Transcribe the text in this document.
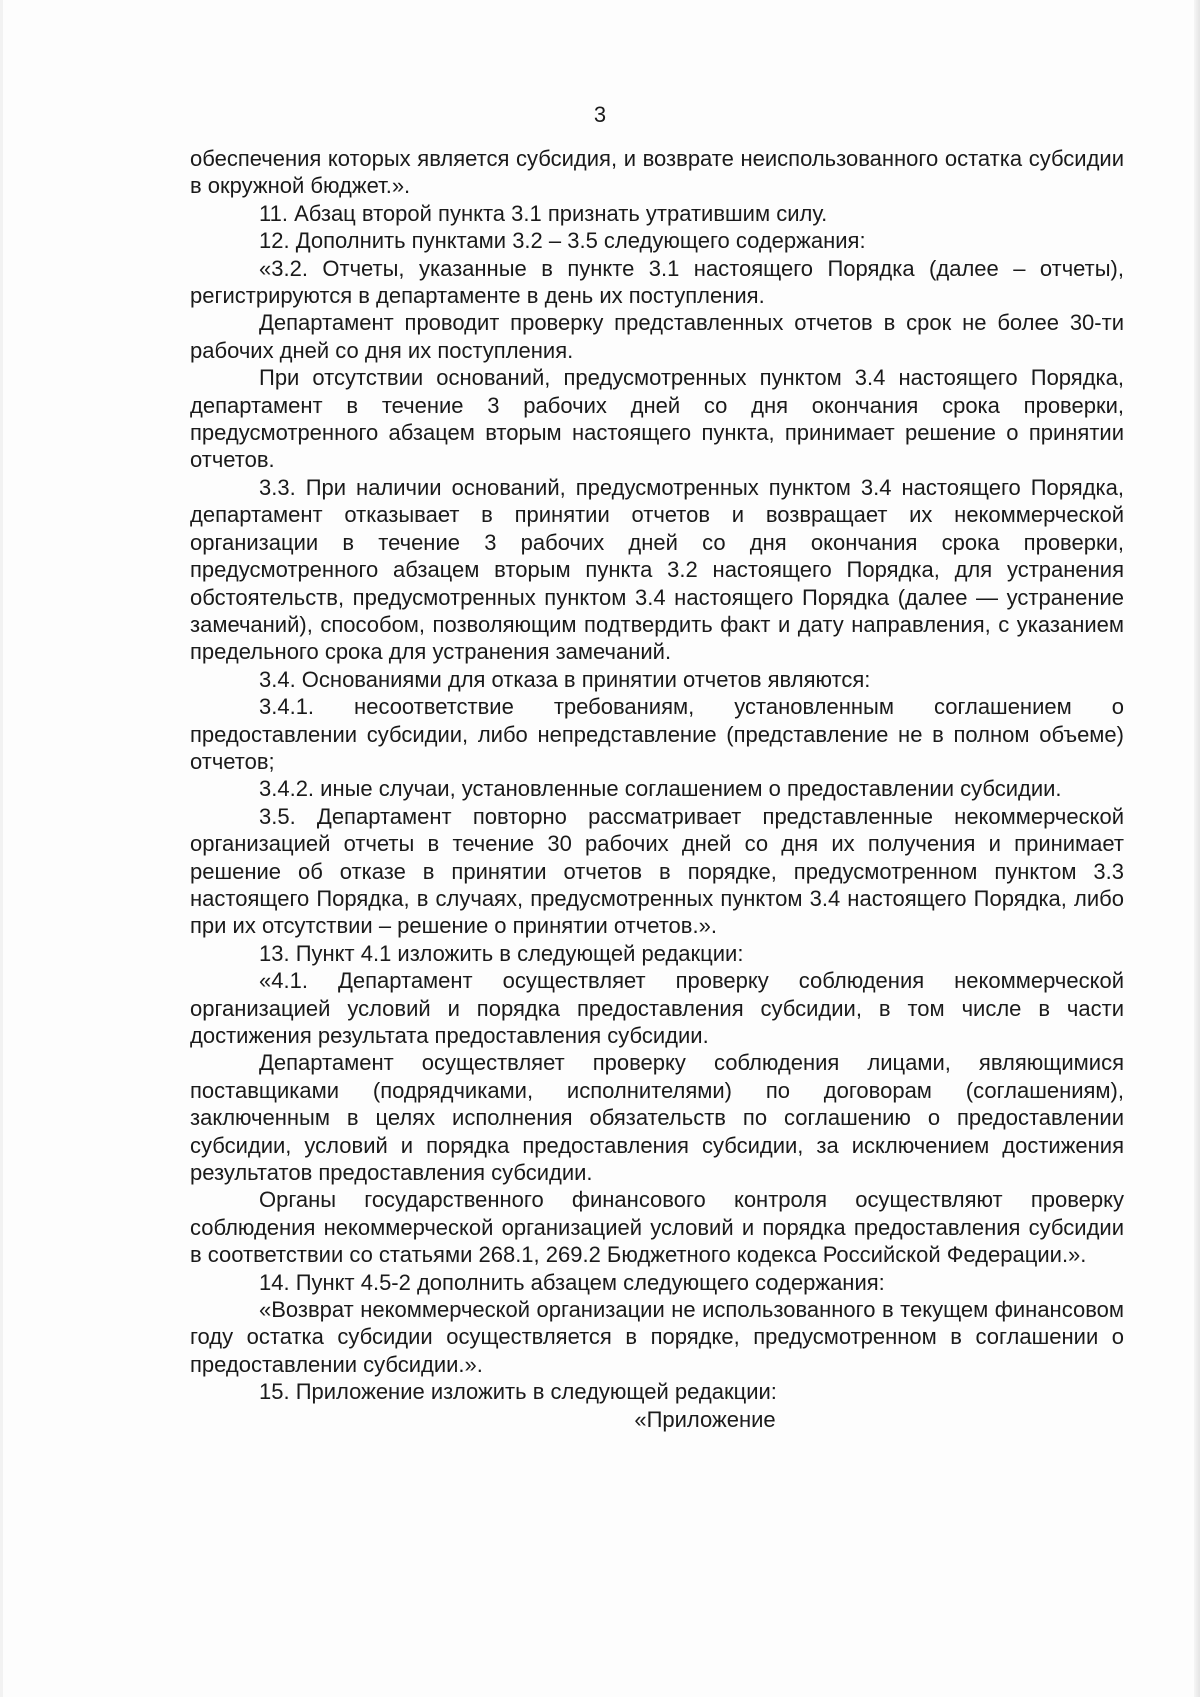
3

обеспечения которых является субсидия, и возврате неиспользованного остатка субсидии в окружной бюджет.».

11. Абзац второй пункта 3.1 признать утратившим силу.

12. Дополнить пунктами 3.2 – 3.5 следующего содержания:

«3.2. Отчеты, указанные в пункте 3.1 настоящего Порядка (далее – отчеты), регистрируются в департаменте в день их поступления.

Департамент проводит проверку представленных отчетов в срок не более 30-ти рабочих дней со дня их поступления.

При отсутствии оснований, предусмотренных пунктом 3.4 настоящего Порядка, департамент в течение 3 рабочих дней со дня окончания срока проверки, предусмотренного абзацем вторым настоящего пункта, принимает решение о принятии отчетов.

3.3. При наличии оснований, предусмотренных пунктом 3.4 настоящего Порядка, департамент отказывает в принятии отчетов и возвращает их некоммерческой организации в течение 3 рабочих дней со дня окончания срока проверки, предусмотренного абзацем вторым пункта 3.2 настоящего Порядка, для устранения обстоятельств, предусмотренных пунктом 3.4 настоящего Порядка (далее — устранение замечаний), способом, позволяющим подтвердить факт и дату направления, с указанием предельного срока для устранения замечаний.

3.4. Основаниями для отказа в принятии отчетов являются:

3.4.1. несоответствие требованиям, установленным соглашением о предоставлении субсидии, либо непредставление (представление не в полном объеме) отчетов;

3.4.2. иные случаи, установленные соглашением о предоставлении субсидии.

3.5. Департамент повторно рассматривает представленные некоммерческой организацией отчеты в течение 30 рабочих дней со дня их получения и принимает решение об отказе в принятии отчетов в порядке, предусмотренном пунктом 3.3 настоящего Порядка, в случаях, предусмотренных пунктом 3.4 настоящего Порядка, либо при их отсутствии – решение о принятии отчетов.».

13. Пункт 4.1 изложить в следующей редакции:

«4.1. Департамент осуществляет проверку соблюдения некоммерческой организацией условий и порядка предоставления субсидии, в том числе в части достижения результата предоставления субсидии.

Департамент осуществляет проверку соблюдения лицами, являющимися поставщиками (подрядчиками, исполнителями) по договорам (соглашениям), заключенным в целях исполнения обязательств по соглашению о предоставлении субсидии, условий и порядка предоставления субсидии, за исключением достижения результатов предоставления субсидии.

Органы государственного финансового контроля осуществляют проверку соблюдения некоммерческой организацией условий и порядка предоставления субсидии в соответствии со статьями 268.1, 269.2 Бюджетного кодекса Российской Федерации.».

14. Пункт 4.5-2 дополнить абзацем следующего содержания:

«Возврат некоммерческой организации не использованного в текущем финансовом году остатка субсидии осуществляется в порядке, предусмотренном в соглашении о предоставлении субсидии.».

15. Приложение изложить в следующей редакции:

«Приложение
